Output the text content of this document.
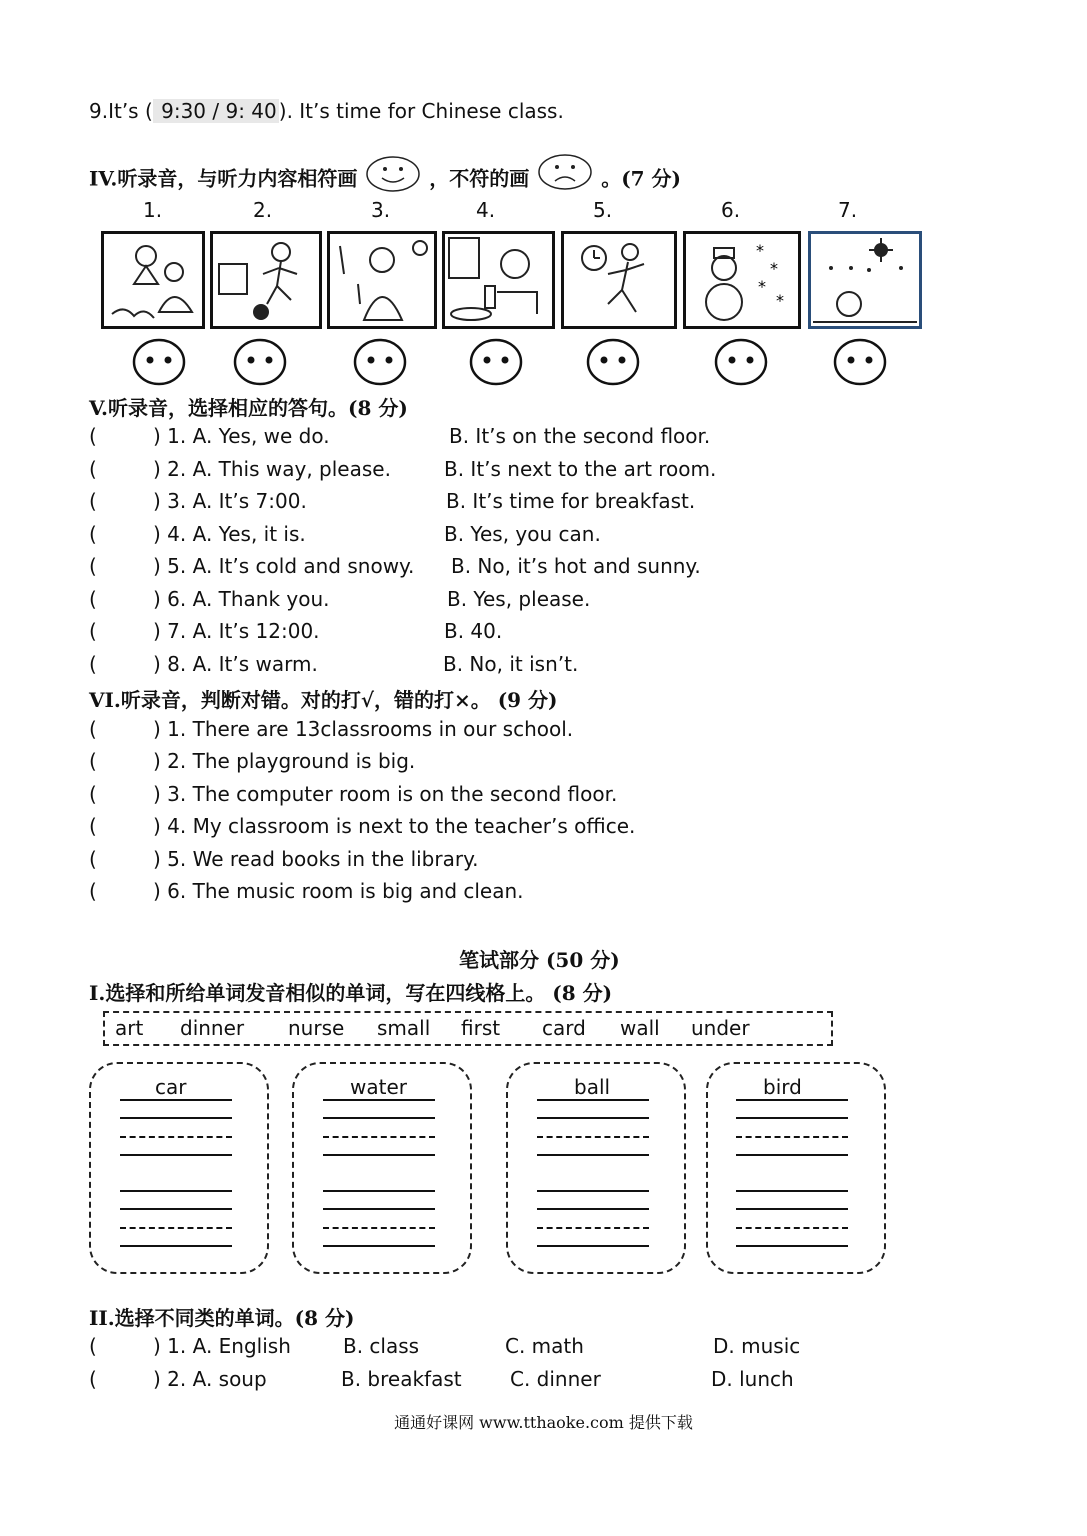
9.It’s ( 9:30 / 9: 40 ). It’s time for Chinese class.
IV.听录音，与听力内容相符画	，不符的画	。(7 分)
1.	2.	3.	4.	5.	6.	7.
*
*
*
*
V.听录音，选择相应的答句。(8 分)
(	) 1. A. Yes, we do.	B. It’s on the second floor.
(	) 2. A. This way, please.	B. It’s next to the art room.
(	) 3. A. It’s 7:00.	B. It’s time for breakfast.
(	) 4. A. Yes, it is.	B. Yes, you can.
(	) 5. A. It’s cold and snowy. B. No, it’s hot and sunny.
(	) 6. A. Thank you.	B. Yes, please.
(	) 7. A. It’s 12:00.	B. 40.
(	) 8. A. It’s warm.	B. No, it isn’t.
VI.听录音，判断对错。对的打√，错的打×。 (9 分)
(	) 1. There are 13classrooms in our school.
(	) 2. The playground is big.
(	) 3. The computer room is on the second floor.
(	) 4. My classroom is next to the teacher’s office.
(	) 5. We read books in the library.
(	) 6. The music room is big and clean.
笔试部分 (50 分)
I.选择和所给单词发音相似的单词，写在四线格上。 (8 分)
art dinner nurse small first card wall under
car	water	ball	bird
II.选择不同类的单词。(8 分)
(	) 1. A. English	B. class	C. math	D. music
(	) 2. A. soup	B. breakfast C. dinner	D. lunch
通通好课网 www.tthaoke.com 提供下载
